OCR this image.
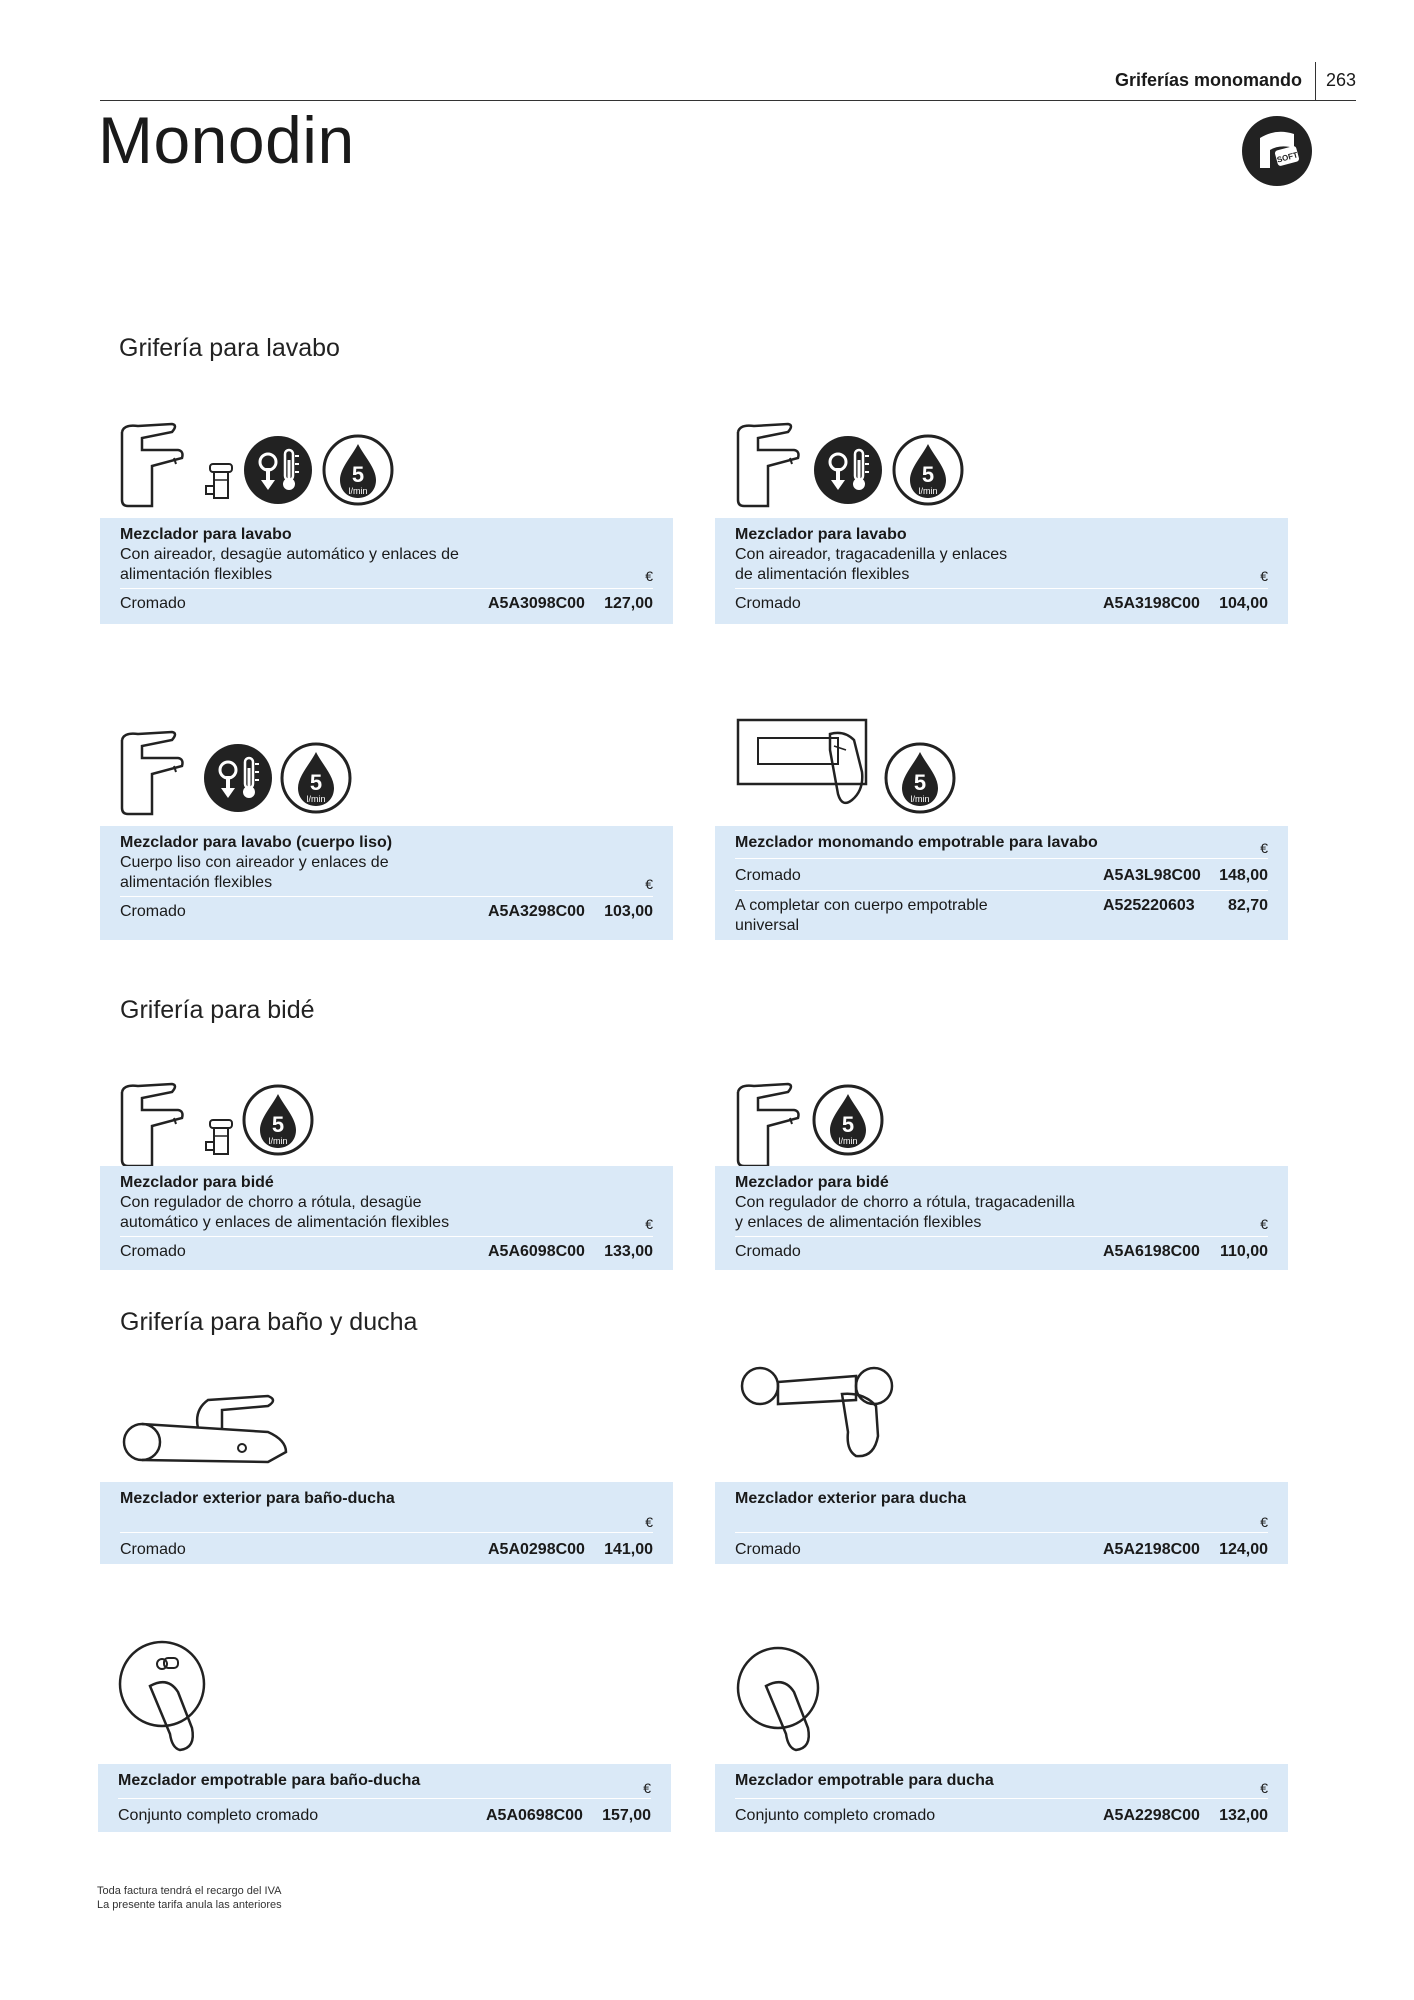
Griferías monomando 263
Monodin	SOFT
Grifería para lavabo
Grifería para bidé
Grifería para baño y ducha
5
l/min
5
l/min
5
l/min
5
l/min
5
l/min
5
l/min
Mezclador para lavabo
Con aireador, desagüe automático y enlaces de
alimentación flexibles	€
Cromado	A5A3098C00 127,00
Mezclador para lavabo
Con aireador, tragacadenilla y enlaces
de alimentación flexibles	€
Cromado	A5A3198C00 104,00
Mezclador para lavabo (cuerpo liso)
Cuerpo liso con aireador y enlaces de
alimentación flexibles	€
Cromado	A5A3298C00 103,00
Mezclador monomando empotrable para lavabo	€
Cromado	A5A3L98C00 148,00
A completar con cuerpo empotrable
universal
A525220603 82,70
Mezclador para bidé
Con regulador de chorro a rótula, desagüe
automático y enlaces de alimentación flexibles	€
Cromado	A5A6098C00 133,00
Mezclador para bidé
Con regulador de chorro a rótula, tragacadenilla
y enlaces de alimentación flexibles	€
Cromado	A5A6198C00 110,00
Mezclador exterior para baño-ducha
€
Cromado	A5A0298C00 141,00
Mezclador exterior para ducha
€
Cromado	A5A2198C00 124,00
Mezclador empotrable para baño-ducha	€
Conjunto completo cromado	A5A0698C00 157,00
Mezclador empotrable para ducha	€
Conjunto completo cromado	A5A2298C00 132,00
Toda factura tendrá el recargo del IVA
La presente tarifa anula las anteriores
